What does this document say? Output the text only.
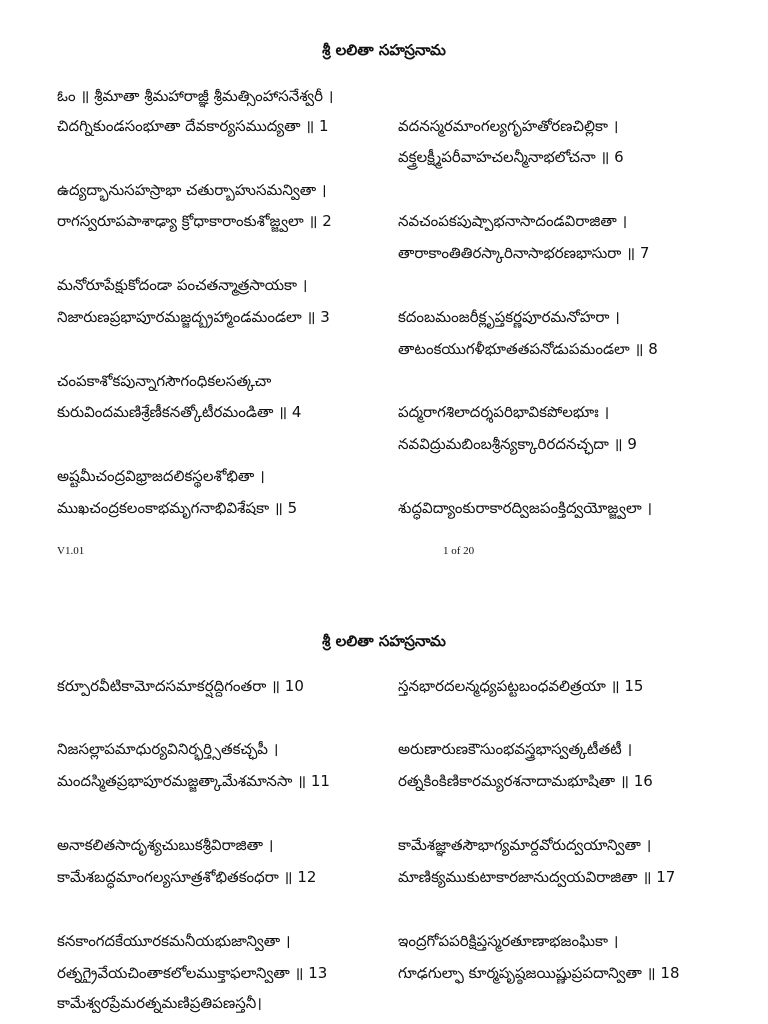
శ్రీ లలితా సహస్రనామ
ఓం ॥ శ్రీమాతా శ్రీమహారాజ్ఞీ శ్రీమత్సింహాసనేశ్వరీ ।
చిదగ్నికుండసంభూతా దేవకార్యసముద్యతా ॥ 1
ఉద్యద్భానుసహస్రాభా చతుర్బాహుసమన్వితా ।
రాగస్వరూపపాశాఢ్యా క్రోధాకారాంకుశోజ్జ్వలా ॥ 2
మనోరూపేక్షుకోదండా పంచతన్మాత్రసాయకా ।
నిజారుణప్రభాపూరమజ్జద్బ్రహ్మాండమండలా ॥ 3
చంపకాశోకపున్నాగసౌగంధికలసత్కచా
కురువిందమణిశ్రేణీకనత్కోటీరమండితా ॥ 4
అష్టమీచంద్రవిభ్రాజదలికస్థలశోభితా ।
ముఖచంద్రకలంకాభమృగనాభివిశేషకా ॥ 5
వదనస్మరమాంగల్యగృహతోరణచిల్లికా ।
వక్త్రలక్ష్మీపరీవాహచలన్మీనాభలోచనా ॥ 6
నవచంపకపుష్పాభనాసాదండవిరాజితా ।
తారాకాంతితిరస్కారినాసాభరణభాసురా ॥ 7
కదంబమంజరీక్లృప్తకర్ణపూరమనోహరా ।
తాటంకయుగళీభూతతపనోడుపమండలా ॥ 8
పద్మరాగశిలాదర్శపరిభావికపోలభూః ।
నవవిద్రుమబింబశ్రీన్యక్కారిరదనచ్ఛదా ॥ 9
శుద్ధవిద్యాంకురాకారద్విజపంక్తిద్వయోజ్జ్వలా ।
V1.01	1 of 20
శ్రీ లలితా సహస్రనామ
కర్పూరవీటికామోదసమాకర్షద్దిగంతరా ॥ 10
నిజసల్లాపమాధుర్యవినిర్భర్త్సితకచ్ఛపీ ।
మందస్మితప్రభాపూరమజ్జత్కామేశమానసా ॥ 11
అనాకలితసాదృశ్యచుబుకశ్రీవిరాజితా ।
కామేశబద్ధమాంగల్యసూత్రశోభితకంధరా ॥ 12
కనకాంగదకేయూరకమనీయభుజాన్వితా ।
రత్నగ్రైవేయచింతాకలోలముక్తాఫలాన్వితా ॥ 13
కామేశ్వరప్రేమరత్నమణిప్రతిపణస్తనీ।
స్తనభారదలన్మధ్యపట్టబంధవలిత్రయా ॥ 15
అరుణారుణకౌసుంభవస్త్రభాస్వత్కటీతటీ ।
రత్నకింకిణికారమ్యరశనాదామభూషితా ॥ 16
కామేశజ్ఞాతసౌభాగ్యమార్దవోరుద్వయాన్వితా ।
మాణిక్యముకుటాకారజానుద్వయవిరాజితా ॥ 17
ఇంద్రగోపపరిక్షిప్తస్మరతూణాభజంఘికా ।
గూఢగుల్ఫా కూర్మపృష్ఠజయిష్ణుప్రపదాన్వితా ॥ 18
